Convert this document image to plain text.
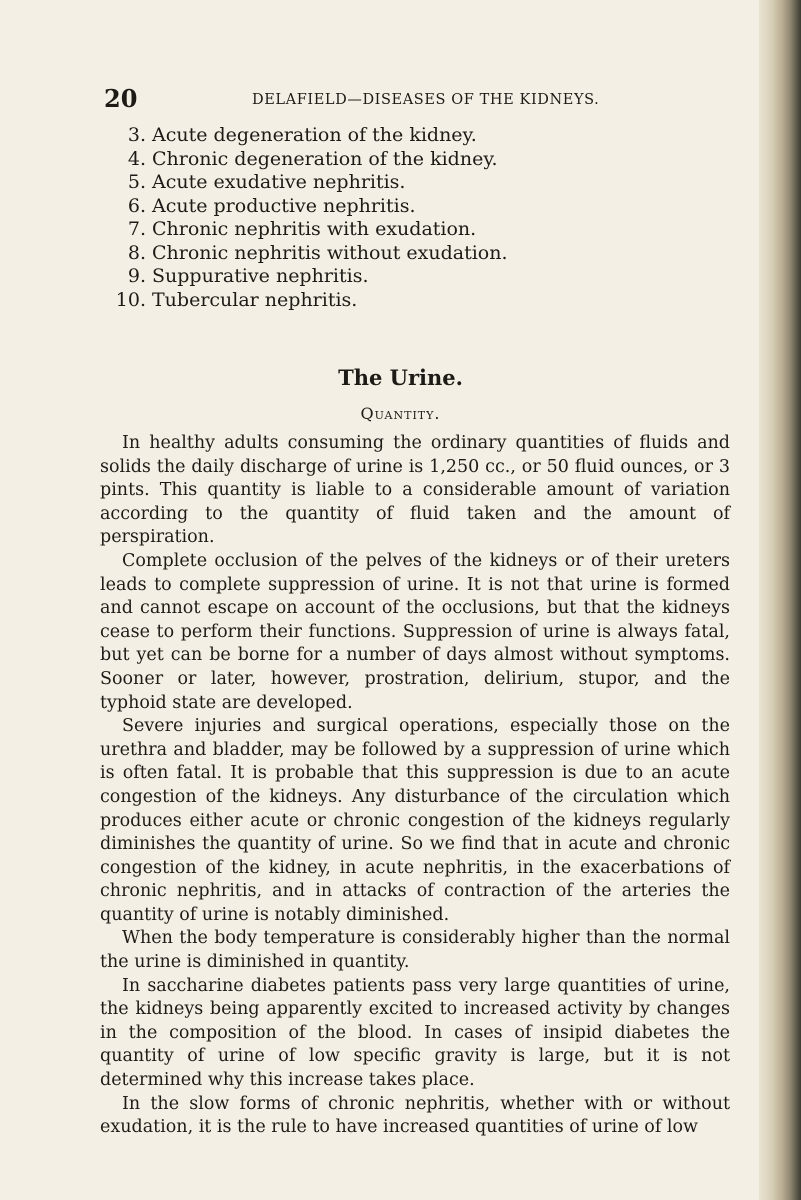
20	DELAFIELD—DISEASES OF THE KIDNEYS.
3. Acute degeneration of the kidney.
4. Chronic degeneration of the kidney.
5. Acute exudative nephritis.
6. Acute productive nephritis.
7. Chronic nephritis with exudation.
8. Chronic nephritis without exudation.
9. Suppurative nephritis.
10. Tubercular nephritis.
The Urine.
Quantity.

In healthy adults consuming the ordinary quantities of fluids and solids the daily discharge of urine is 1,250 cc., or 50 fluid ounces, or 3 pints. This quantity is liable to a considerable amount of variation according to the quantity of fluid taken and the amount of perspiration.

Complete occlusion of the pelves of the kidneys or of their ureters leads to complete suppression of urine. It is not that urine is formed and cannot escape on account of the occlusions, but that the kidneys cease to perform their functions. Suppression of urine is always fatal, but yet can be borne for a number of days almost without symptoms. Sooner or later, however, prostration, delirium, stupor, and the typhoid state are developed.

Severe injuries and surgical operations, especially those on the urethra and bladder, may be followed by a suppression of urine which is often fatal. It is probable that this suppression is due to an acute congestion of the kidneys. Any disturbance of the circulation which produces either acute or chronic congestion of the kidneys regularly diminishes the quantity of urine. So we find that in acute and chronic congestion of the kidney, in acute nephritis, in the exacerbations of chronic nephritis, and in attacks of contraction of the arteries the quantity of urine is notably diminished.

When the body temperature is considerably higher than the normal the urine is diminished in quantity.

In saccharine diabetes patients pass very large quantities of urine, the kidneys being apparently excited to increased activity by changes in the composition of the blood. In cases of insipid diabetes the quantity of urine of low specific gravity is large, but it is not determined why this increase takes place.

In the slow forms of chronic nephritis, whether with or without exudation, it is the rule to have increased quantities of urine of low
